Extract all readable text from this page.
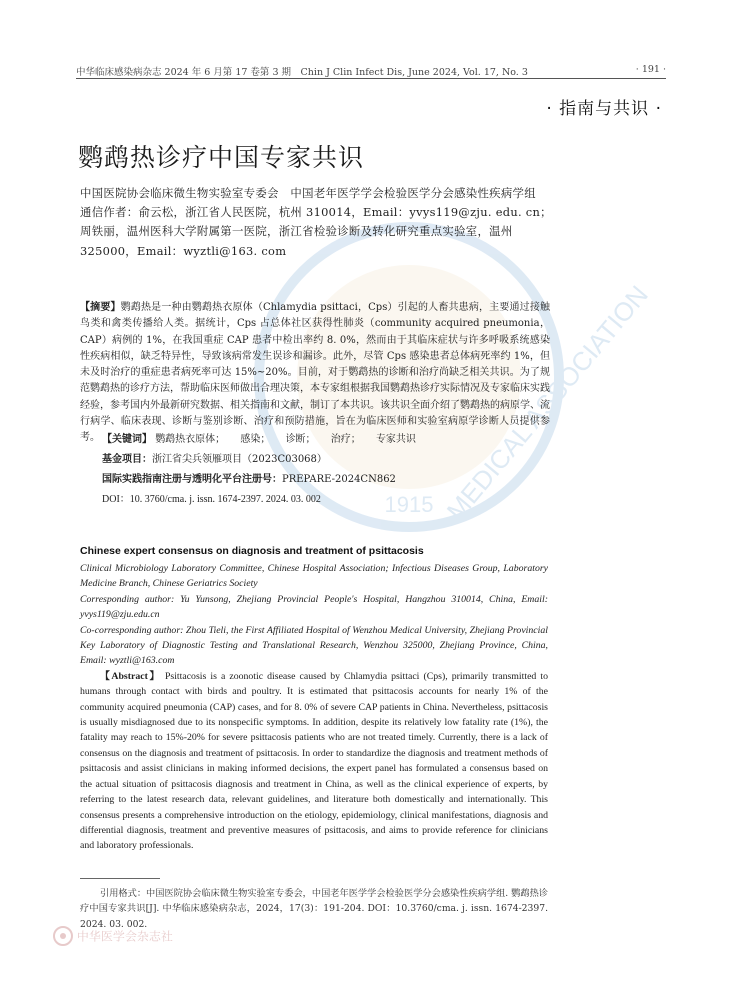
1915 MEDICAL ASSOCIATION
中华临床感染病杂志 2024 年 6 月第 17 卷第 3 期　Chin J Clin Infect Dis, June 2024, Vol. 17, No. 3	· 191 ·
· 指南与共识 ·
鹦鹉热诊疗中国专家共识
中国医院协会临床微生物实验室专委会　中国老年医学学会检验医学分会感染性疾病学组
通信作者：俞云松，浙江省人民医院，杭州 310014，Email：yvys119@zju. edu. cn；周铁丽，温州医科大学附属第一医院，浙江省检验诊断及转化研究重点实验室，温州 325000，Email：wyztli@163. com
【摘要】鹦鹉热是一种由鹦鹉热衣原体（Chlamydia psittaci，Cps）引起的人畜共患病，主要通过接触鸟类和禽类传播给人类。据统计，Cps 占总体社区获得性肺炎（community acquired pneumonia，CAP）病例的 1%，在我国重症 CAP 患者中检出率约 8. 0%，然而由于其临床症状与许多呼吸系统感染性疾病相似，缺乏特异性，导致该病常发生误诊和漏诊。此外，尽管 Cps 感染患者总体病死率约 1%，但未及时治疗的重症患者病死率可达 15%~20%。目前，对于鹦鹉热的诊断和治疗尚缺乏相关共识。为了规范鹦鹉热的诊疗方法，帮助临床医师做出合理决策，本专家组根据我国鹦鹉热诊疗实际情况及专家临床实践经验，参考国内外最新研究数据、相关指南和文献，制订了本共识。该共识全面介绍了鹦鹉热的病原学、流行病学、临床表现、诊断与鉴别诊断、治疗和预防措施，旨在为临床医师和实验室病原学诊断人员提供参考。 【关键词】 鹦鹉热衣原体； 感染； 诊断； 治疗； 专家共识
基金项目：浙江省尖兵领雁项目（2023C03068）
国际实践指南注册与透明化平台注册号：PREPARE-2024CN862
DOI：10. 3760/cma. j. issn. 1674-2397. 2024. 03. 002
Chinese expert consensus on diagnosis and treatment of psittacosis

Clinical Microbiology Laboratory Committee, Chinese Hospital Association; Infectious Diseases Group, Laboratory Medicine Branch, Chinese Geriatrics Society

Corresponding author: Yu Yunsong, Zhejiang Provincial People's Hospital, Hangzhou 310014, China, Email: yvys119@zju.edu.cn

Co-corresponding author: Zhou Tieli, the First Affiliated Hospital of Wenzhou Medical University, Zhejiang Provincial Key Laboratory of Diagnostic Testing and Translational Research, Wenzhou 325000, Zhejiang Province, China, Email: wyztli@163.com

【Abstract】 Psittacosis is a zoonotic disease caused by Chlamydia psittaci (Cps), primarily transmitted to humans through contact with birds and poultry. It is estimated that psittacosis accounts for nearly 1% of the community acquired pneumonia (CAP) cases, and for 8. 0% of severe CAP patients in China. Nevertheless, psittacosis is usually misdiagnosed due to its nonspecific symptoms. In addition, despite its relatively low fatality rate (1%), the fatality may reach to 15%-20% for severe psittacosis patients who are not treated timely. Currently, there is a lack of consensus on the diagnosis and treatment of psittacosis. In order to standardize the diagnosis and treatment methods of psittacosis and assist clinicians in making informed decisions, the expert panel has formulated a consensus based on the actual situation of psittacosis diagnosis and treatment in China, as well as the clinical experience of experts, by referring to the latest research data, relevant guidelines, and literature both domestically and internationally. This consensus presents a comprehensive introduction on the etiology, epidemiology, clinical manifestations, diagnosis and differential diagnosis, treatment and preventive measures of psittacosis, and aims to provide reference for clinicians and laboratory professionals.

引用格式：中国医院协会临床微生物实验室专委会，中国老年医学学会检验医学分会感染性疾病学组. 鹦鹉热诊疗中国专家共识[J]. 中华临床感染病杂志，2024，17(3)：191-204. DOI：10.3760/cma. j. issn. 1674-2397. 2024. 03. 002.
中华医学会杂志社
